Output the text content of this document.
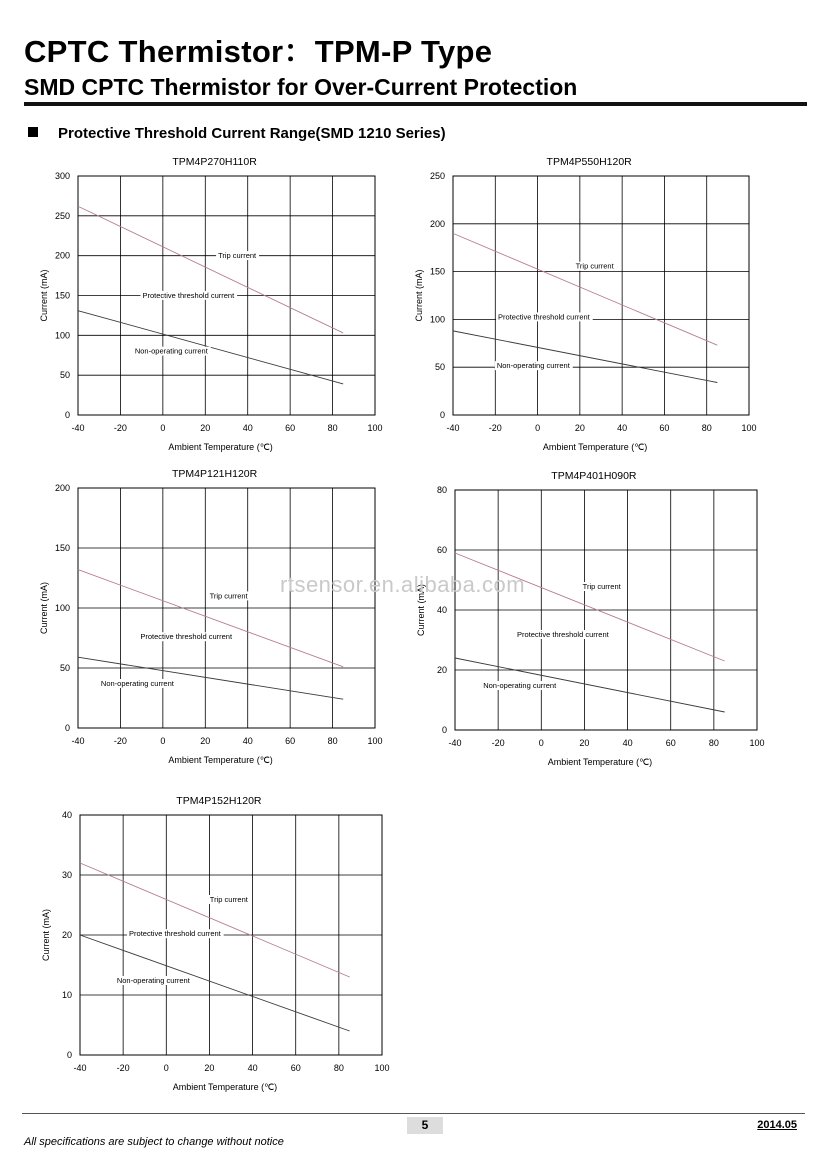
CPTC Thermistor：TPM-P Type
SMD CPTC Thermistor for Over-Current Protection
Protective Threshold Current Range(SMD 1210 Series)
TPM4P270H110R
-40	-20	0	20	40	60	80	100
0
50
100
150
200
250
300
Ambient Temperature (℃)
Current (mA)
Trip current
Protective threshold current
Non-operating current
TPM4P550H120R
-40	-20	0	20	40	60	80	100
0
50
100
150
200
250
Ambient Temperature (℃)
Current (mA)
Trip current
Protective threshold current
Non-operating current
TPM4P121H120R
-40	-20	0	20	40	60	80	100
0
50
100
150
200
Ambient Temperature (℃)
Current (mA)	Trip current
Protective threshold current
Non-operating current
TPM4P401H090R
-40	-20	0	20	40	60	80	100
0
20
40
60
80
Ambient Temperature (℃)
Current (mA)	Trip current
Protective threshold current
Non-operating current
TPM4P152H120R
-40	-20	0	20	40	60	80	100
0
10
20
30
40
Ambient Temperature (℃)
Current (mA)
Trip current
Protective threshold current
Non-operating current
rtsensor.en.alibaba.com
5	2014.05
All specifications are subject to change without notice
